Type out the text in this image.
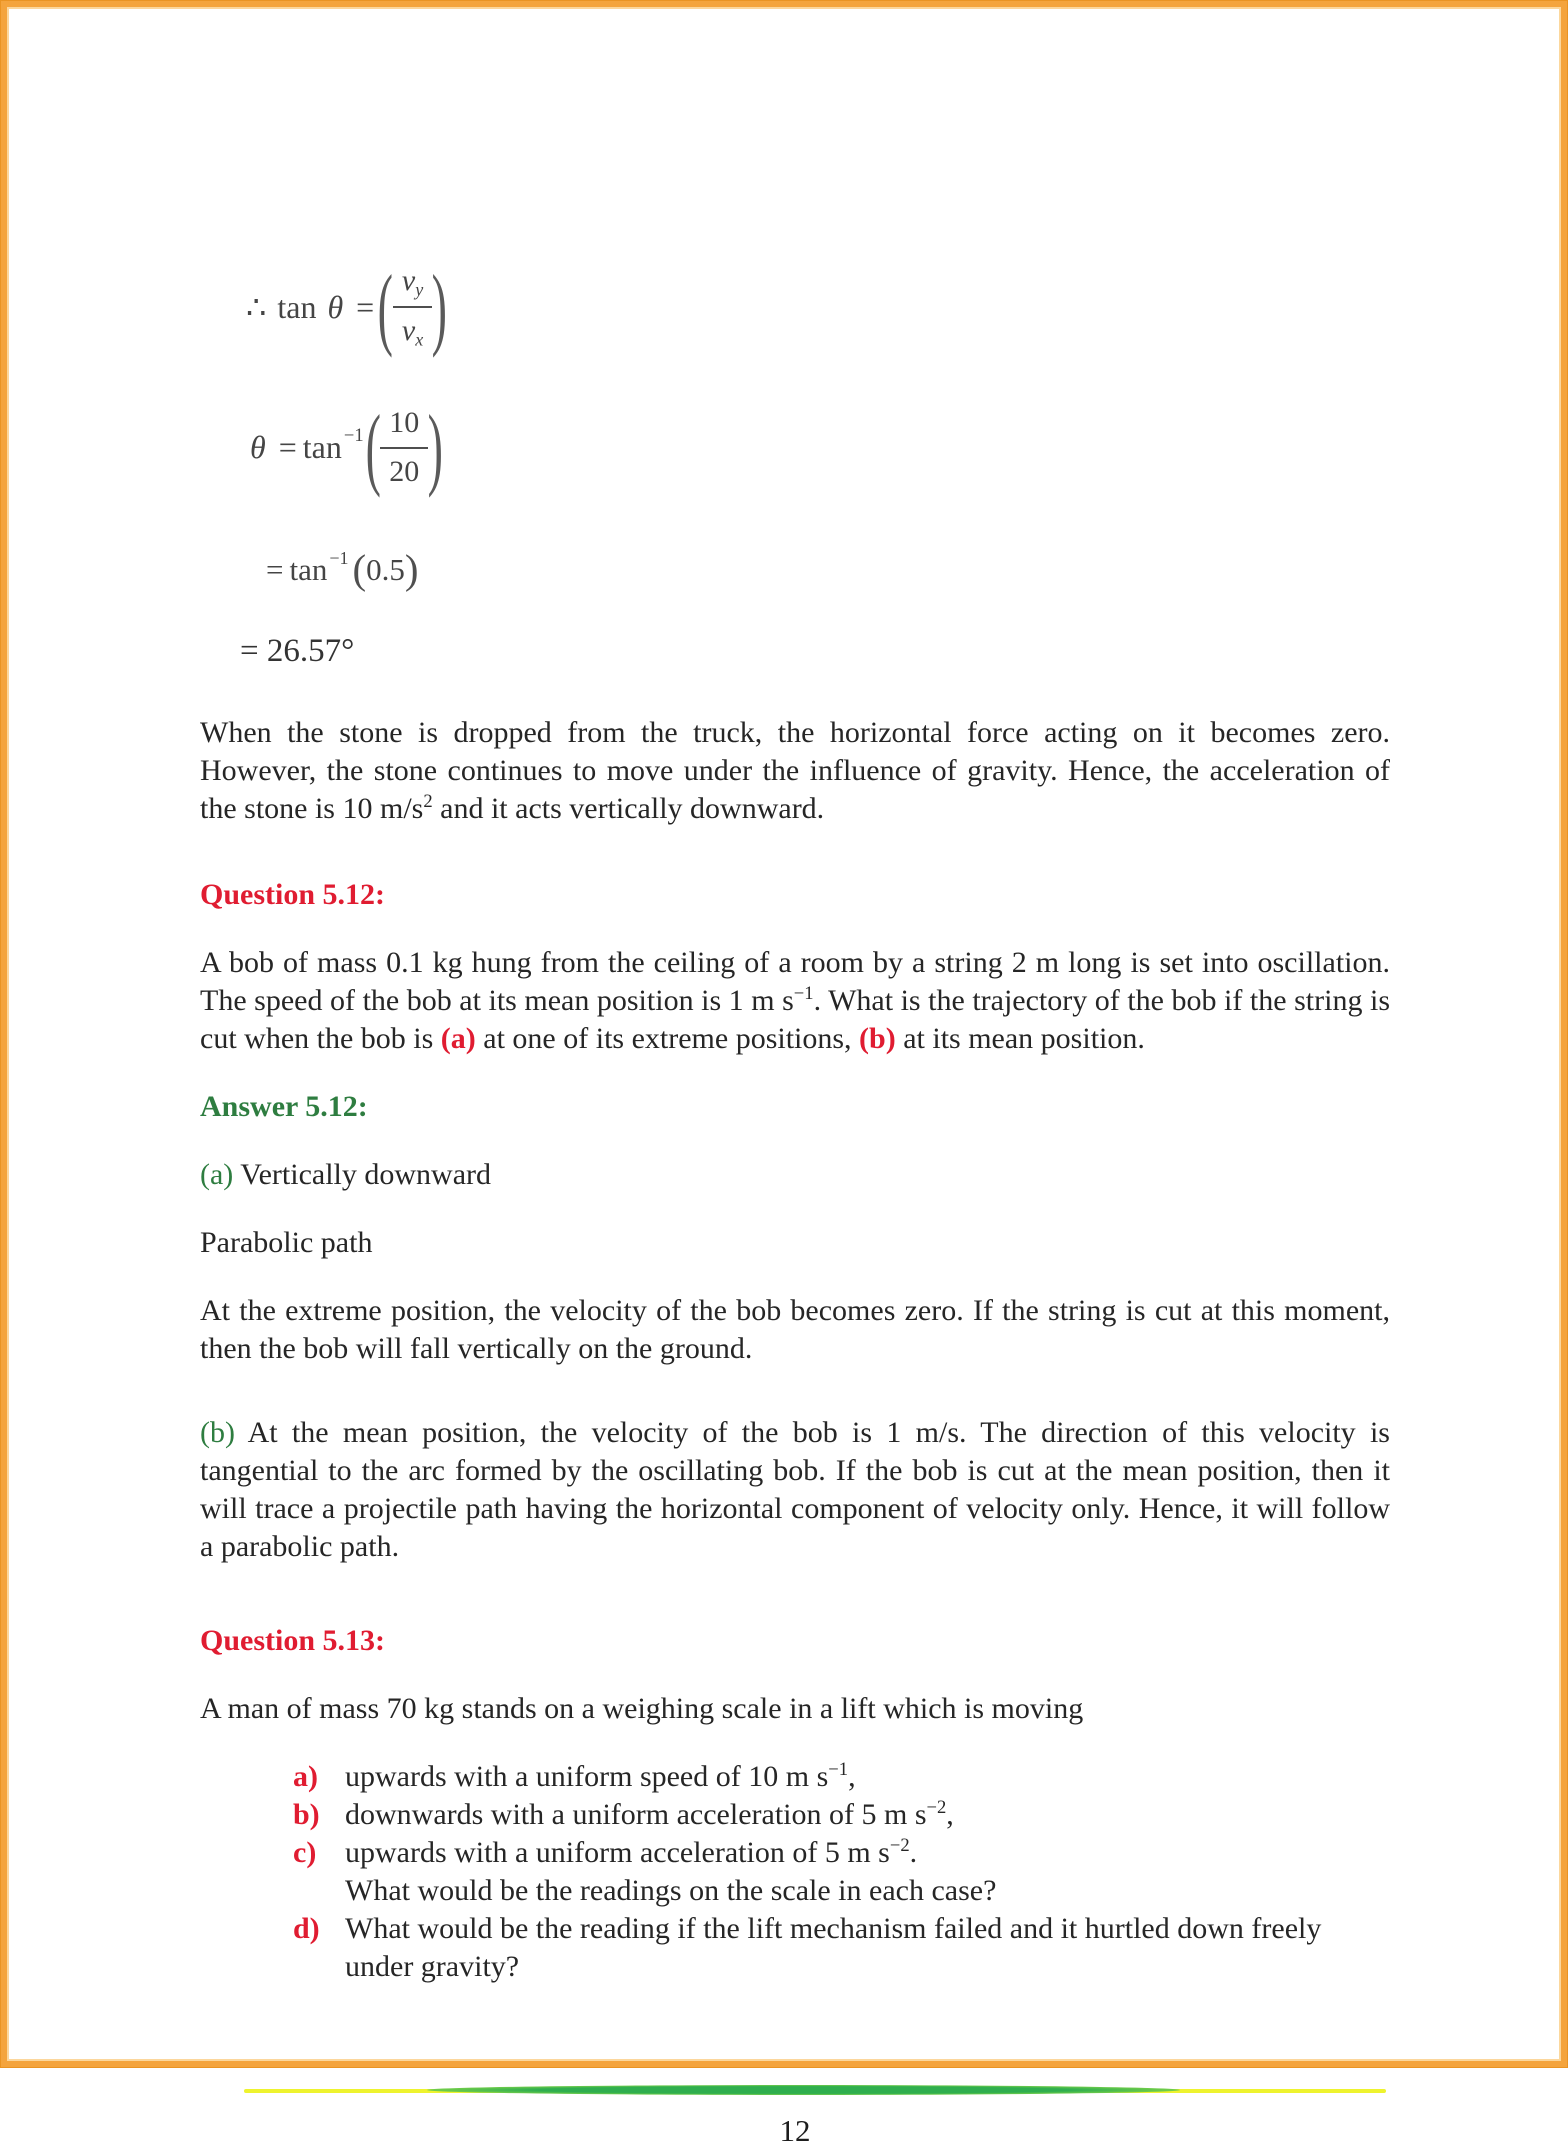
∴ tan θ = ( $\frac{v_y}{v_x}$ )
$\theta = \tan^{-1}$ ( $\frac{10}{20}$ )
= $\tan^{-1}$ ( 0.5 )
= 26.57°

When the stone is dropped from the truck, the horizontal force acting on it becomes zero. However, the stone continues to move under the influence of gravity. Hence, the acceleration of the stone is 10 $m/s^2$ and it acts vertically downward.

Question 5.12:

A bob of mass 0.1 kg hung from the ceiling of a room by a string 2 m long is set into oscillation. The speed of the bob at its mean position is 1 m $s^{-1}$. What is the trajectory of the bob if the string is cut when the bob is (a) at one of its extreme positions, (b) at its mean position.

Answer 5.12:

(a) Vertically downward

Parabolic path

At the extreme position, the velocity of the bob becomes zero. If the string is cut at this moment, then the bob will fall vertically on the ground.

(b) At the mean position, the velocity of the bob is 1 m/s. The direction of this velocity is tangential to the arc formed by the oscillating bob. If the bob is cut at the mean position, then it will trace a projectile path having the horizontal component of velocity only. Hence, it will follow a parabolic path.

Question 5.13:

A man of mass 70 kg stands on a weighing scale in a lift which is moving

a) upwards with a uniform speed of 10 m $s^{-1}$,
b) downwards with a uniform acceleration of 5 m $s^{-2}$,
c) upwards with a uniform acceleration of 5 m $s^{-2}$.
What would be the readings on the scale in each case?
d) What would be the reading if the lift mechanism failed and it hurtled down freely under gravity?
12
